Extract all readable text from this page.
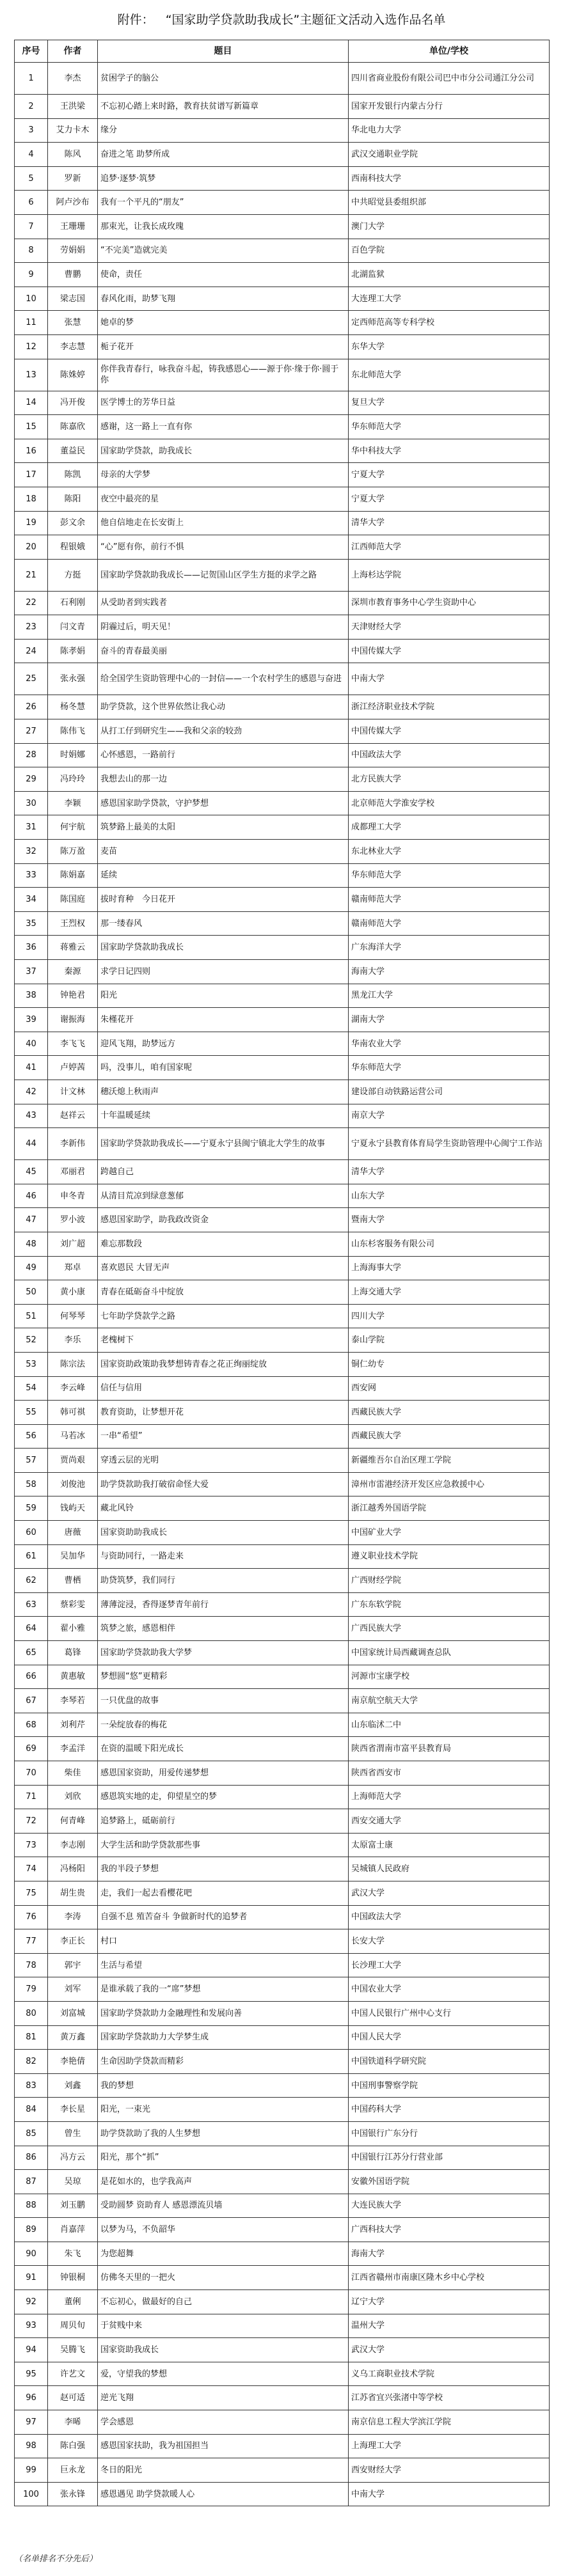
附件：   “国家助学贷款助我成长”主题征文活动入选作品名单
序号	作者	题目	单位/学校
1	李杰	贫困学子的脑公	四川省商业股份有限公司巴中市分公司通江分公司
2	王洪梁	不忘初心踏上来时路，教育扶贫谱写新篇章	国家开发银行内蒙古分行
3	艾力卡木	缘分	华北电力大学
4	陈风	奋进之笔 助梦所成	武汉交通职业学院
5	罗新	追梦·逐梦·筑梦	西南科技大学
6	阿卢沙布	我有一个平凡的“朋友”	中共昭觉县委组织部
7	王珊珊	那束光，让我长成玫瑰	澳门大学
8	劳娟娟	“不完美”造就完美	百色学院
9	曹鹏	使命，责任	北湖监狱
10	梁志国	春风化雨，助梦飞翔	大连理工大学
11	张慧	她卓的梦	定西师范高等专科学校
12	李志慧	栀子花开	东华大学
13	陈姝婷	你伴我青春行，咏我奋斗起，铸我感恩心——源于你·缘于你·圆于你	东北师范大学
14	冯开俊	医学博士的芳华日益	复旦大学
15	陈嘉欣	感谢，这一路上一直有你	华东师范大学
16	董益民	国家助学贷款，助我成长	华中科技大学
17	陈凯	母亲的大学梦	宁夏大学
18	陈阳	夜空中最亮的星	宁夏大学
19	彭文余	他自信地走在长安街上	清华大学
20	程银娥	“心”愿有你，前行不惧	江西师范大学
21	方挺	国家助学贷款助我成长——记贺国山区学生方挺的求学之路	上海杉达学院
22	石利刚	从受助者到实践者	深圳市教育事务中心学生资助中心
23	闫文青	阴霾过后，明天见！	天津财经大学
24	陈孝娟	奋斗的青春最美丽	中国传媒大学
25	张永强	给全国学生资助管理中心的一封信——一个农村学生的感恩与奋进	中南大学
26	杨冬慧	助学贷款，这个世界依然让我心动	浙江经济职业技术学院
27	陈伟飞	从打工仔到研究生——我和父亲的较劲	中国传媒大学
28	时娟娜	心怀感恩，一路前行	中国政法大学
29	冯玲玲	我想去山的那一边	北方民族大学
30	李颖	感恩国家助学贷款，守护梦想	北京师范大学淮安学校
31	何宇航	筑梦路上最美的太阳	成都理工大学
32	陈万盈	麦苗	东北林业大学
33	陈娟嘉	延续	华东师范大学
34	陈国庭	拔时育种　今日花开	赣南师范大学
35	王烈权	那一缕春风	赣南师范大学
36	蒋雅云	国家助学贷款助我成长	广东海洋大学
37	秦源	求学日记四则	海南大学
38	钟艳君	阳光	黑龙江大学
39	谢振海	朱槿花开	湖南大学
40	李飞飞	迎风飞翔，助梦远方	华南农业大学
41	卢婷茜	吗，没事儿，咱有国家呢	华东师范大学
42	计文林	穗沃熄上秋雨声	建设部自动铁路运营公司
43	赵祥云	十年温暖延续	南京大学
44	李新伟	国家助学贷款助我成长——宁夏永宁县闽宁镇北大学生的故事	宁夏永宁县教育体育局学生资助管理中心闽宁工作站
45	邓丽君	跨越自己	清华大学
46	申冬青	从清目荒凉到绿意葱郁	山东大学
47	罗小波	感恩国家助学，助我政改资金	暨南大学
48	刘广超	难忘那数段	山东杉客服务有限公司
49	郑卓	喜欢恩民 大冒无声	上海海事大学
50	黄小康	青春在砥砺奋斗中绽放	上海交通大学
51	何琴琴	七年助学贷款学之路	四川大学
52	李乐	老槐树下	泰山学院
53	陈宗法	国家资助政策助我梦想铸青春之花正绚丽绽放	铜仁幼专
54	李云峰	信任与信用	西安网
55	韩可祺	教育资助，让梦想开花	西藏民族大学
56	马若冰	一串“希望”	西藏民族大学
57	贾尚艰	穿透云层的光明	新疆维吾尔自治区理工学院
58	刘俊池	助学贷款助我打破宿命怪大爱	漳州市雷港经济开发区应急救援中心
59	钱屿天	藏北风铃	浙江越秀外国语学院
60	唐薇	国家资助助我成长	中国矿业大学
61	吴加华	与资助同行，一路走来	遵义职业技术学院
62	曹栖	助贷筑梦，我们同行	广西财经学院
63	蔡彩雯	薄薄淀浸，香得逐梦青年前行	广东东软学院
64	翟小雅	筑梦之旅，感恩相伴	广西民族大学
65	葛锋	国家助学贷款助我大学梦	中国家统计局西藏调查总队
66	黄惠敏	梦想圆“悠”更精彩	河源市宝康学校
67	李琴若	一只优盘的故事	南京航空航天大学
68	刘利芹	一朵绽放春的梅花	山东临沭二中
69	李孟洋	在资的温暖下阳光成长	陕西省渭南市富平县教育局
70	柴佳	感恩国家资助，用爱传递梦想	陕西省西安市
71	刘欣	感恩筑实地的走，仰望星空的梦	上海师范大学
72	何青峰	追梦路上，砥砺前行	西安交通大学
73	李志刚	大学生活和助学贷款那些事	太原富士康
74	冯杨阳	我的半段子梦想	吴城镇人民政府
75	胡生贵	走，我们一起去看樱花吧	武汉大学
76	李涛	自强不息 殖苦奋斗 争做新时代的追梦者	中国政法大学
77	李正长	村口	长安大学
78	郭宇	生活与希望	长沙理工大学
79	刘军	是谁承载了我的一“席”梦想	中国农业大学
80	刘富城	国家助学贷款助力金融理性和发展向善	中国人民银行广州中心支行
81	黄万鑫	国家助学贷款助力大学梦生成	中国人民大学
82	李艳倩	生命因助学贷款而精彩	中国铁道科学研究院
83	刘鑫	我的梦想	中国刑事警察学院
84	李长星	阳光，一束光	中国药科大学
85	曾生	助学贷款助了我的人生梦想	中国银行广东分行
86	冯方云	阳光，那个“抓”	中国银行江苏分行营业部
87	吴琼	是花如水的，也学我高声	安徽外国语学院
88	刘玉鹏	受助圆梦 资助育人 感恩漂流贝墙	大连民族大学
89	肖嘉萍	以梦为马，不负韶华	广西科技大学
90	朱飞	为您超舞	海南大学
91	钟银桐	仿佛冬天里的一把火	江西省赣州市南康区隆木乡中心学校
92	董俐	不忘初心，做最好的自己	辽宁大学
93	周贝旬	于贫贱中来	温州大学
94	吴腾飞	国家资助我成长	武汉大学
95	许艺文	爱，守望我的梦想	义乌工商职业技术学院
96	赵可适	逆光飞翔	江苏省宜兴张渚中等学校
97	李晞	学会感恩	南京信息工程大学滨江学院
98	陈白强	感恩国家扶助，我为祖国担当	上海理工大学
99	巨永龙	冬日的阳光	西安财经大学
100	张永锋	感恩遇见 助学贷款暖人心	中南大学
（名单排名不分先后）
